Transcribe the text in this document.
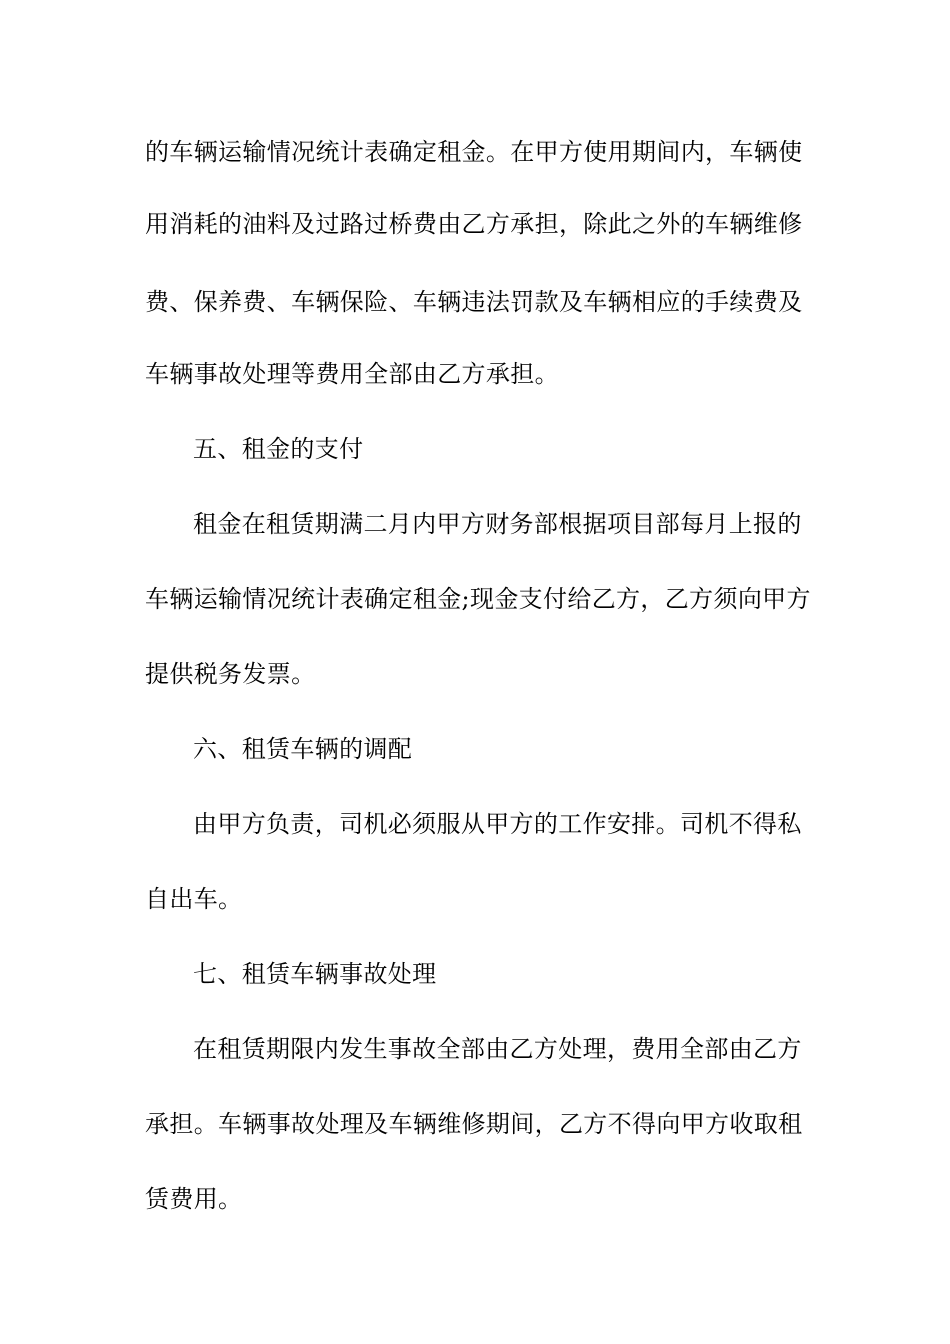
的车辆运输情况统计表确定租金。在甲方使用期间内，车辆使
用消耗的油料及过路过桥费由乙方承担，除此之外的车辆维修
费、保养费、车辆保险、车辆违法罚款及车辆相应的手续费及
车辆事故处理等费用全部由乙方承担。
五、租金的支付
租金在租赁期满二月内甲方财务部根据项目部每月上报的
车辆运输情况统计表确定租金;现金支付给乙方，乙方须向甲方
提供税务发票。
六、租赁车辆的调配
由甲方负责，司机必须服从甲方的工作安排。司机不得私
自出车。
七、租赁车辆事故处理
在租赁期限内发生事故全部由乙方处理，费用全部由乙方
承担。车辆事故处理及车辆维修期间，乙方不得向甲方收取租
赁费用。
